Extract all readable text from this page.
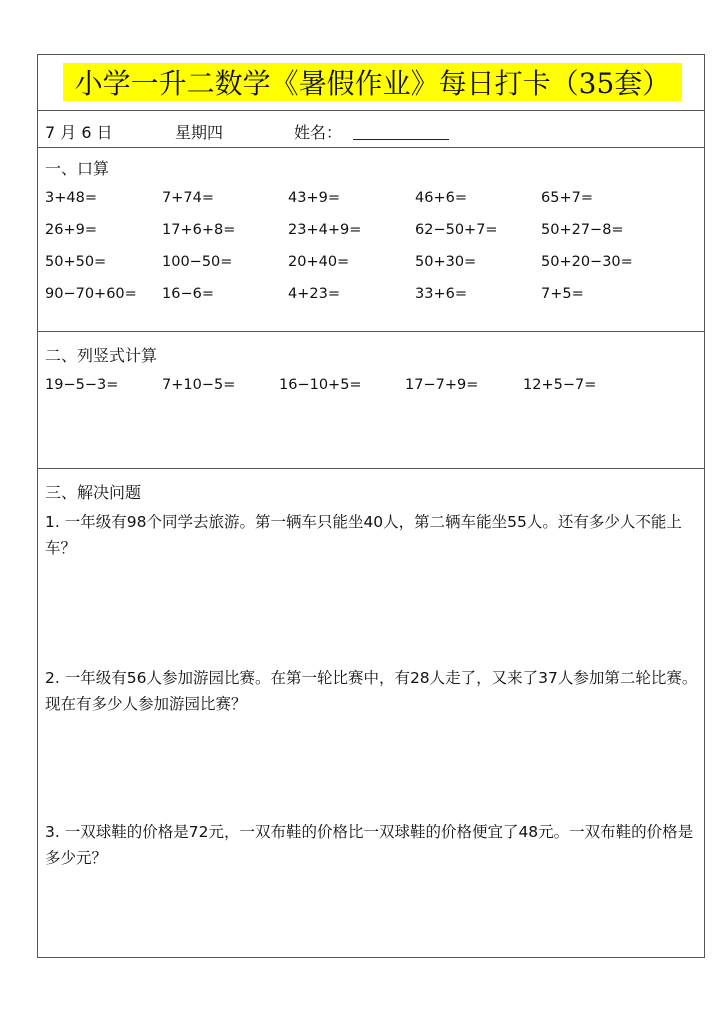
小学一升二数学《暑假作业》每日打卡（35套）
7 月 6 日	星期四	姓名：
一、口算
3+48=	7+74=	43+9=	46+6=	65+7=
26+9=	17+6+8=	23+4+9=	62−50+7=	50+27−8=
50+50=	100−50=	20+40=	50+30=	50+20−30=
90−70+60= 16−6=	4+23=	33+6=	7+5=
二、列竖式计算
19−5−3=	7+10−5=	16−10+5=	17−7+9=	12+5−7=
三、解决问题
1. 一年级有98个同学去旅游。第一辆车只能坐40人，第二辆车能坐55人。还有多少人不能上车？
2. 一年级有56人参加游园比赛。在第一轮比赛中，有28人走了，又来了37人参加第二轮比赛。现在有多少人参加游园比赛？
3. 一双球鞋的价格是72元，一双布鞋的价格比一双球鞋的价格便宜了48元。一双布鞋的价格是多少元？
